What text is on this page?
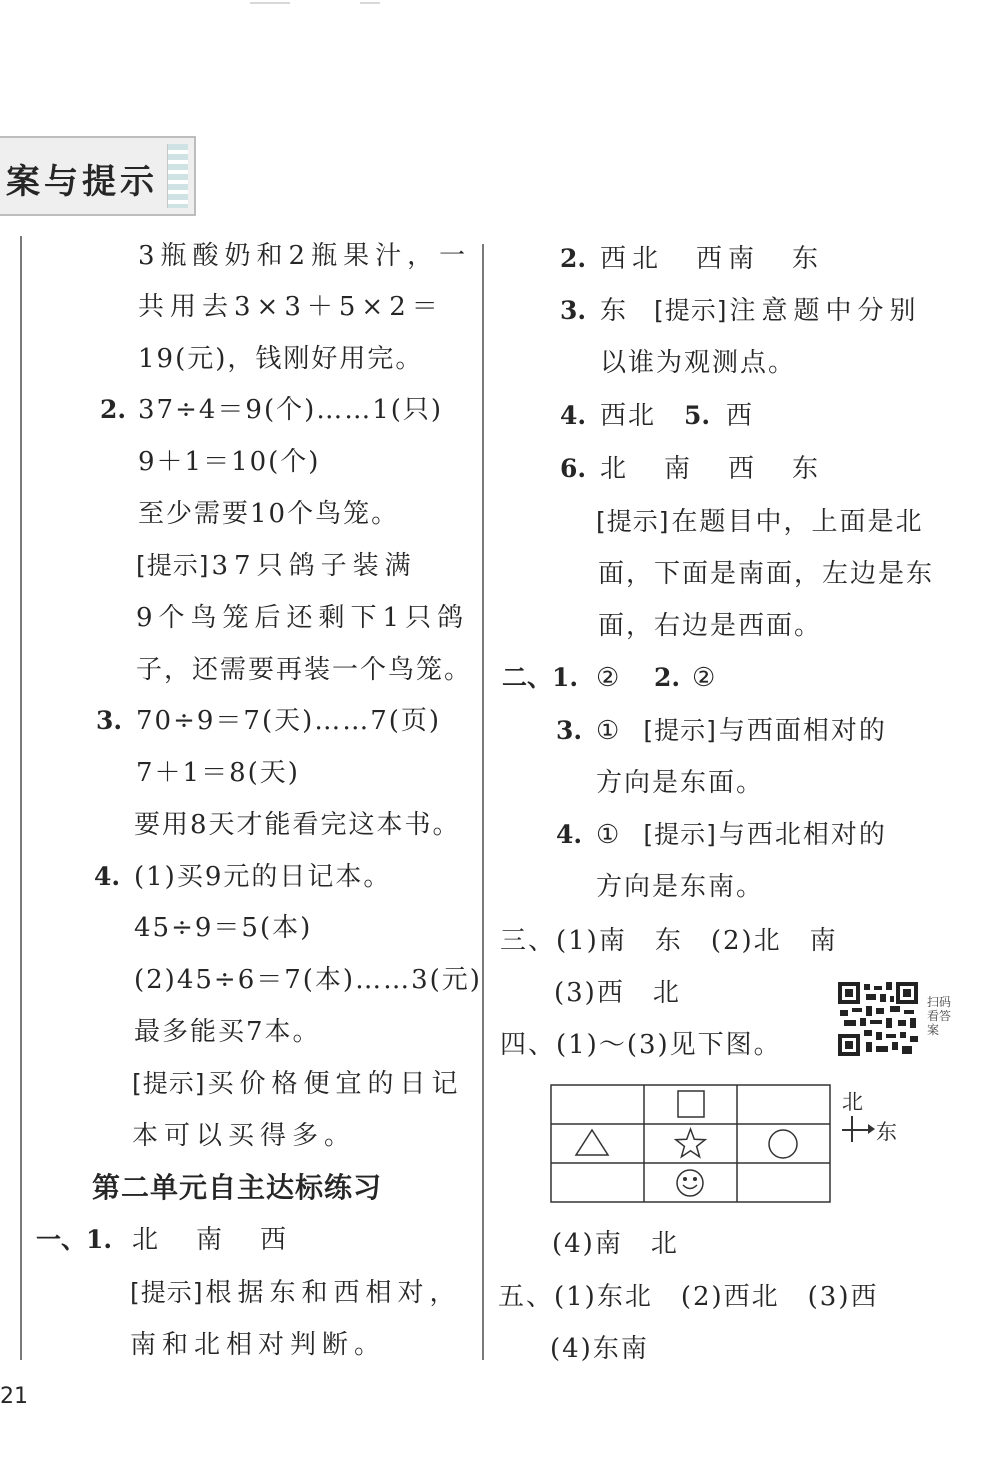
案与提示
3瓶酸奶和2瓶果汁，一
共用去3×3＋5×2＝
19(元)，钱刚好用完。
2. 37÷4＝9(个)……1(只)
9＋1＝10(个)
至少需要10个鸟笼。
[提示]37只鸽子装满
9个鸟笼后还剩下1只鸽
子，还需要再装一个鸟笼。
3. 70÷9＝7(天)……7(页)
7＋1＝8(天)
要用8天才能看完这本书。
4. (1)买9元的日记本。
45÷9＝5(本)
(2)45÷6＝7(本)……3(元)
最多能买7本。
[提示]买价格便宜的日记
本可以买得多。
第二单元自主达标练习
一、1. 北　南　西
[提示]根据东和西相对，
南和北相对判断。
2. 西北　西南　东
3. 东 [提示]注意题中分别
以谁为观测点。
4. 西北 5. 西
6. 北　南　西　东
[提示]在题目中，上面是北
面，下面是南面，左边是东
面，右边是西面。
二、1. ② 2. ②
3. ① [提示]与西面相对的
方向是东面。
4. ① [提示]与西北相对的
方向是东南。
三、(1)南　东　(2)北　南
(3)西　北	扫码看答案
四、(1)～(3)见下图。
北
东
(4)南　北
五、(1)东北　(2)西北　(3)西
(4)东南
21
